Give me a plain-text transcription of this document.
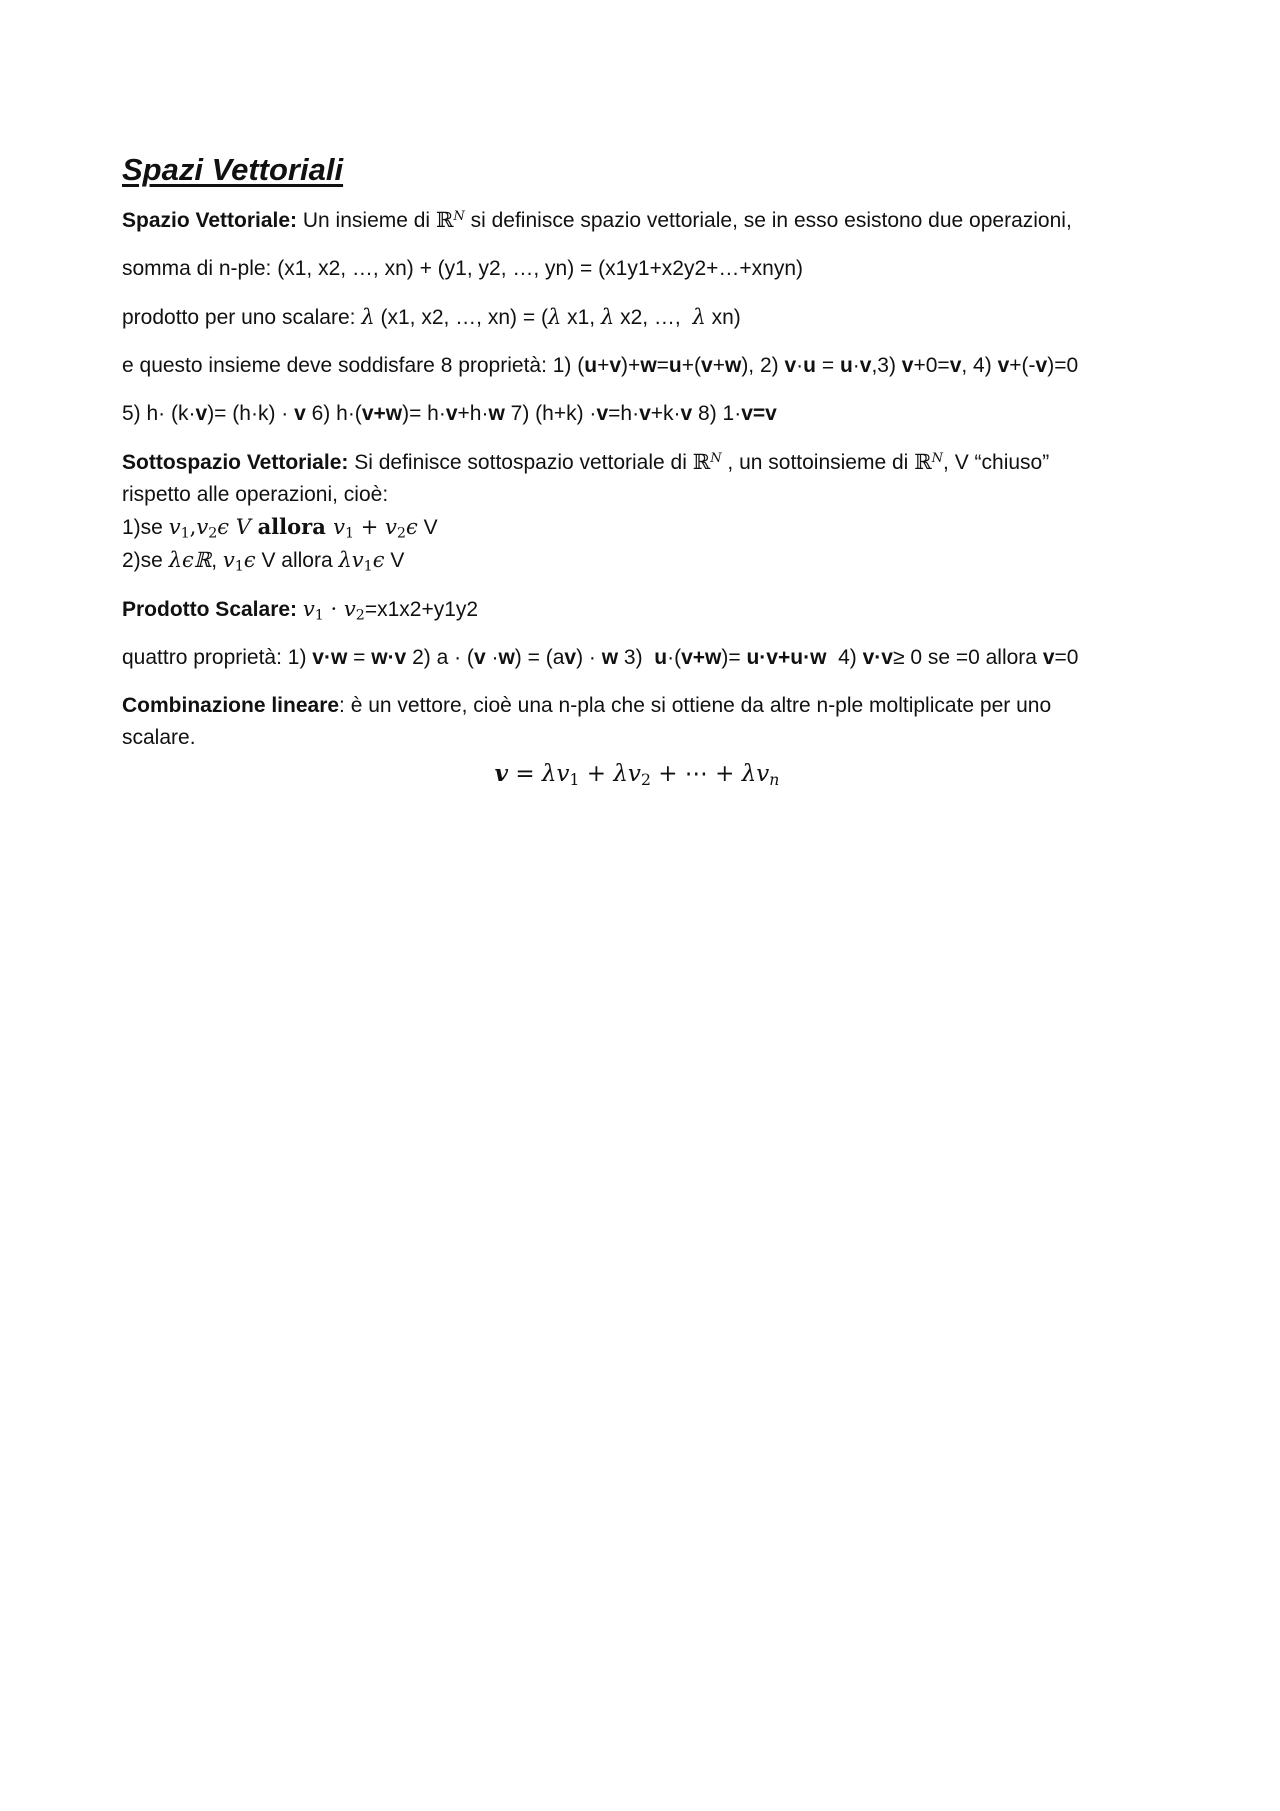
Spazi Vettoriali

Spazio Vettoriale: Un insieme di ℝ$^N$ si definisce spazio vettoriale, se in esso esistono due operazioni,

somma di n-ple: (x1, x2, …, xn) + (y1, y2, …, yn) = (x1y1+x2y2+…+xnyn)

prodotto per uno scalare: λ (x1, x2, …, xn) = (λ x1, λ x2, …,  λ xn)

e questo insieme deve soddisfare 8 proprietà: 1) (u+v)+w=u+(v+w), 2) v·u = u·v,3) v+0=v, 4) v+(-v)=0

5) h· (k·v)= (h·k) · v 6) h·(v+w)= h·v+h·w 7) (h+k) ·v=h·v+k·v 8) 1·v=v

Sottospazio Vettoriale: Si definisce sottospazio vettoriale di ℝ$^N$ , un sottoinsieme di ℝ$^N$, V “chiuso”
rispetto alle operazioni, cioè:
1)se $v_1,v_2\epsilon$ V allora $v_1 + v_2\epsilon$ V
2)se λϵℝ, $v_1\epsilon$ V allora $\lambda v_1\epsilon$ V

Prodotto Scalare: $v_1 \cdot v_2=x1x2+y1y2$

quattro proprietà: 1) v·w = w·v 2) a · (v ·w) = (av) · w 3)  u·(v+w)= u·v+u·w  4) v·v≥ 0 se =0 allora v=0

Combinazione lineare: è un vettore, cioè una n-pla che si ottiene da altre n-ple moltiplicate per uno
scalare.
$v = \lambda v_1 + \lambda v_2$ + ⋯ + $\lambda v_n$
